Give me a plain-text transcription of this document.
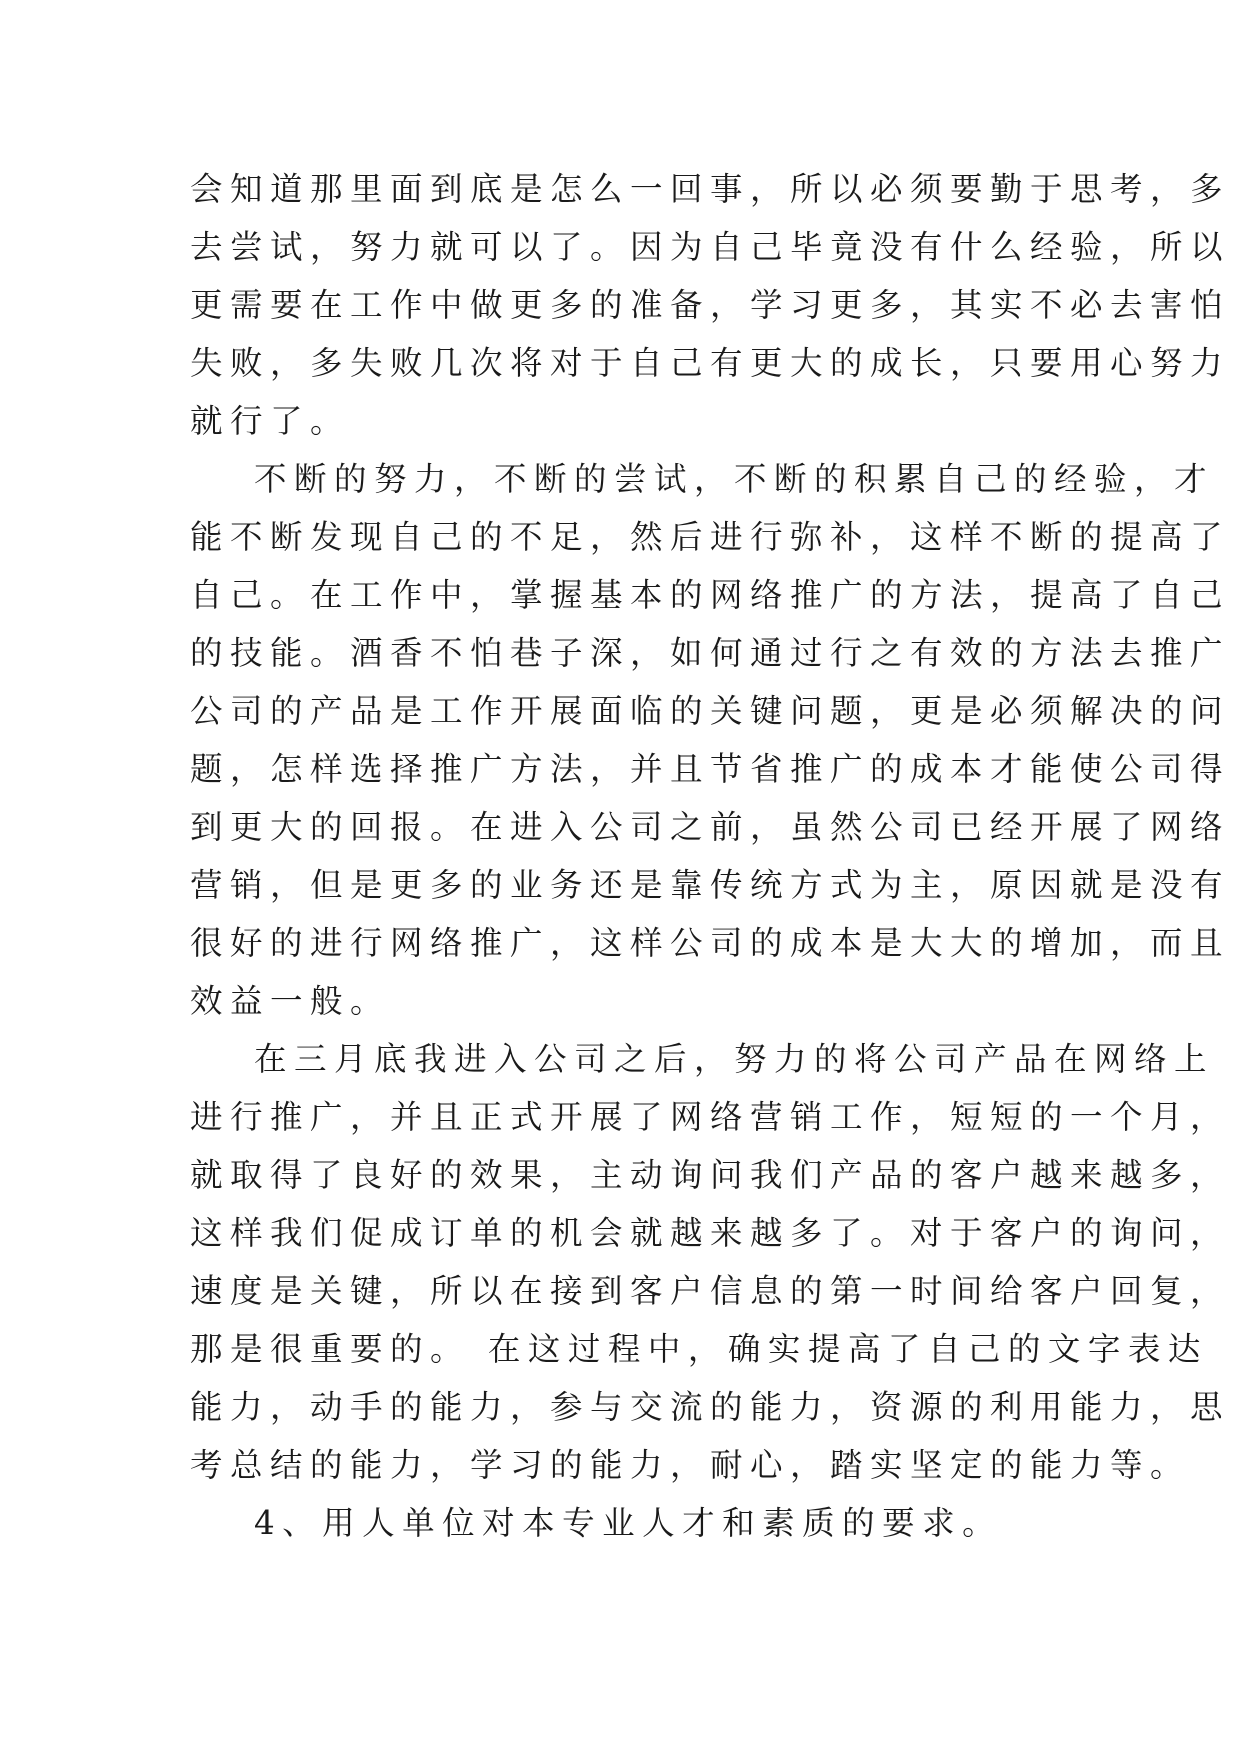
会知道那里面到底是怎么一回事，所以必须要勤于思考，多
去尝试，努力就可以了。因为自己毕竟没有什么经验，所以
更需要在工作中做更多的准备，学习更多，其实不必去害怕
失败，多失败几次将对于自己有更大的成长，只要用心努力
就行了。
不断的努力，不断的尝试，不断的积累自己的经验，才
能不断发现自己的不足，然后进行弥补，这样不断的提高了
自己。在工作中，掌握基本的网络推广的方法，提高了自己
的技能。酒香不怕巷子深，如何通过行之有效的方法去推广
公司的产品是工作开展面临的关键问题，更是必须解决的问
题，怎样选择推广方法，并且节省推广的成本才能使公司得
到更大的回报。在进入公司之前，虽然公司已经开展了网络
营销，但是更多的业务还是靠传统方式为主，原因就是没有
很好的进行网络推广，这样公司的成本是大大的增加，而且
效益一般。
在三月底我进入公司之后，努力的将公司产品在网络上
进行推广，并且正式开展了网络营销工作，短短的一个月，
就取得了良好的效果，主动询问我们产品的客户越来越多，
这样我们促成订单的机会就越来越多了。对于客户的询问，
速度是关键，所以在接到客户信息的第一时间给客户回复，
那是很重要的。 在这过程中，确实提高了自己的文字表达
能力，动手的能力，参与交流的能力，资源的利用能力，思
考总结的能力，学习的能力，耐心，踏实坚定的能力等。
4、用人单位对本专业人才和素质的要求。
